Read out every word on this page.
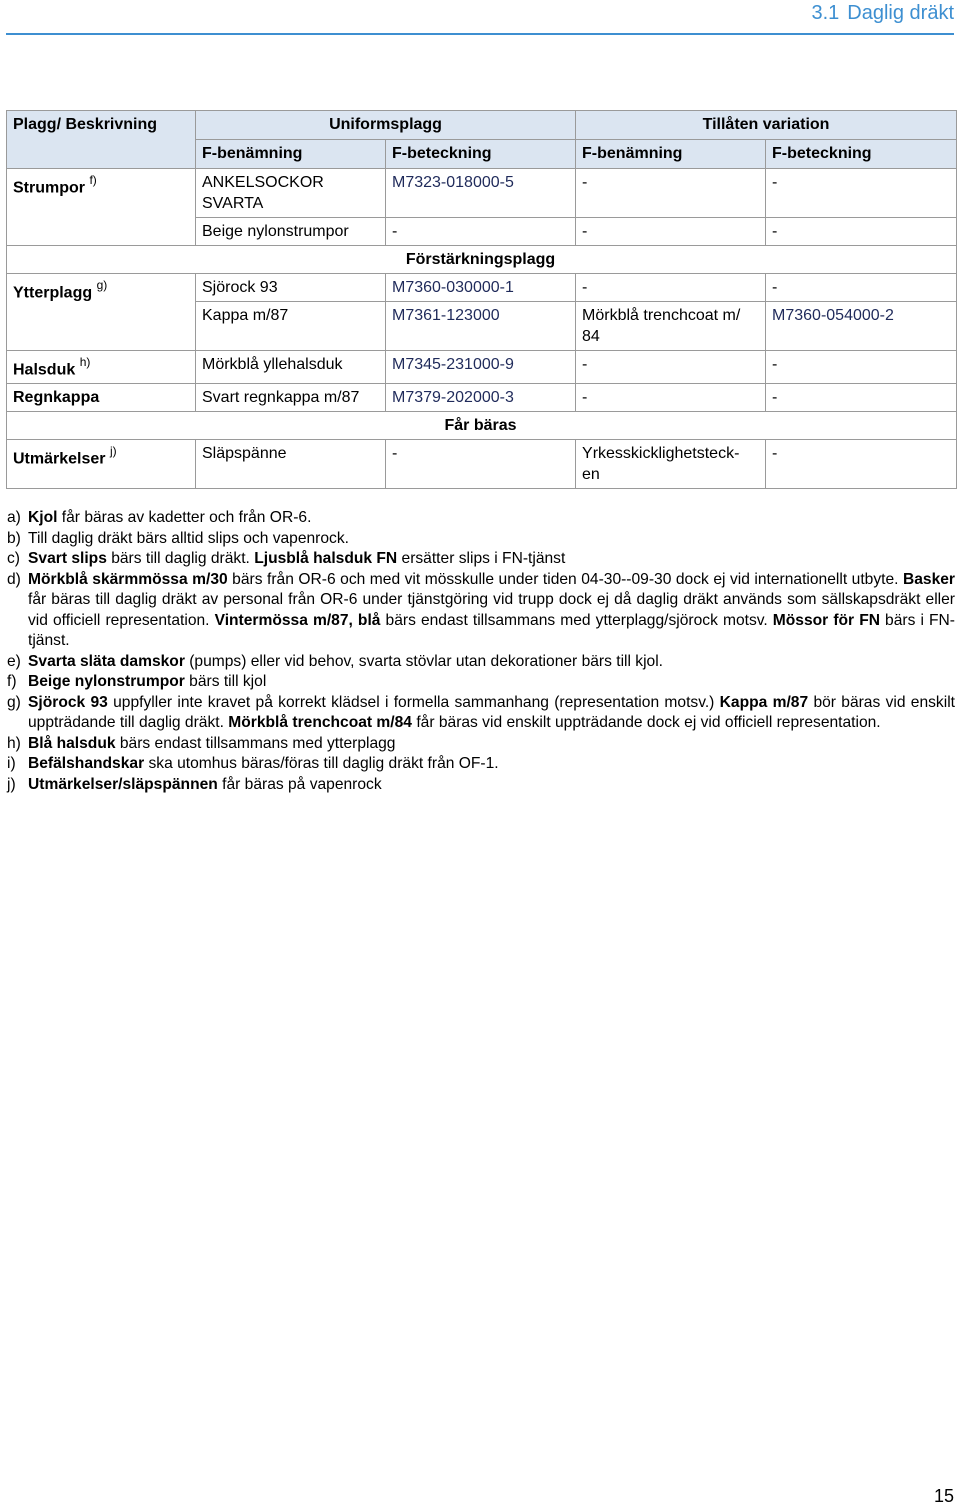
3.1 Daglig dräkt
Plagg/ Beskrivning	Uniformsplagg		Tillåten variation	
	F-benämning	F-beteckning	F-benämning	F-beteckning
Strumpor $^{f)}$	ANKELSOCKOR SVARTA	M7323-018000-5	-	-
	Beige nylonstrumpor	-	-	-
	Förstärkningsplagg			
Ytterplagg $^{g)}$	Sjörock 93	M7360-030000-1	-	-
	Kappa m/87	M7361-123000	Mörkblå trenchcoat m/ 84	M7360-054000-2
Halsduk $^{h)}$	Mörkblå yllehalsduk	M7345-231000-9	-	-
Regnkappa	Svart regnkappa m/87	M7379-202000-3	-	-
	Får bäras			
Utmärkelser $^{j)}$	Släpspänne	-	Yrkesskicklighetsteck- en	-
a) Kjol får bäras av kadetter och från OR-6.
b) Till daglig dräkt bärs alltid slips och vapenrock.
c) Svart slips bärs till daglig dräkt. Ljusblå halsduk FN ersätter slips i FN-tjänst
d) Mörkblå skärmmössa m/30 bärs från OR-6 och med vit mösskulle under tiden 04-30--09-30 dock ej vid internationellt utbyte. Basker får bäras till daglig dräkt av personal från OR-6 under tjänstgöring vid trupp dock ej då daglig dräkt används som sällskapsdräkt eller vid officiell representation. Vintermössa m/87, blå bärs endast tillsammans med ytterplagg/sjörock motsv. Mössor för FN bärs i FN-tjänst.
e) Svarta släta damskor (pumps) eller vid behov, svarta stövlar utan dekorationer bärs till kjol.
f) Beige nylonstrumpor bärs till kjol
g) Sjörock 93 uppfyller inte kravet på korrekt klädsel i formella sammanhang (representation motsv.) Kappa m/87 bör bäras vid enskilt uppträdande till daglig dräkt. Mörkblå trenchcoat m/84 får bäras vid enskilt uppträdande dock ej vid officiell representation.
h) Blå halsduk bärs endast tillsammans med ytterplagg
i) Befälshandskar ska utomhus bäras/föras till daglig dräkt från OF-1.
j) Utmärkelser/släpspännen får bäras på vapenrock
15
